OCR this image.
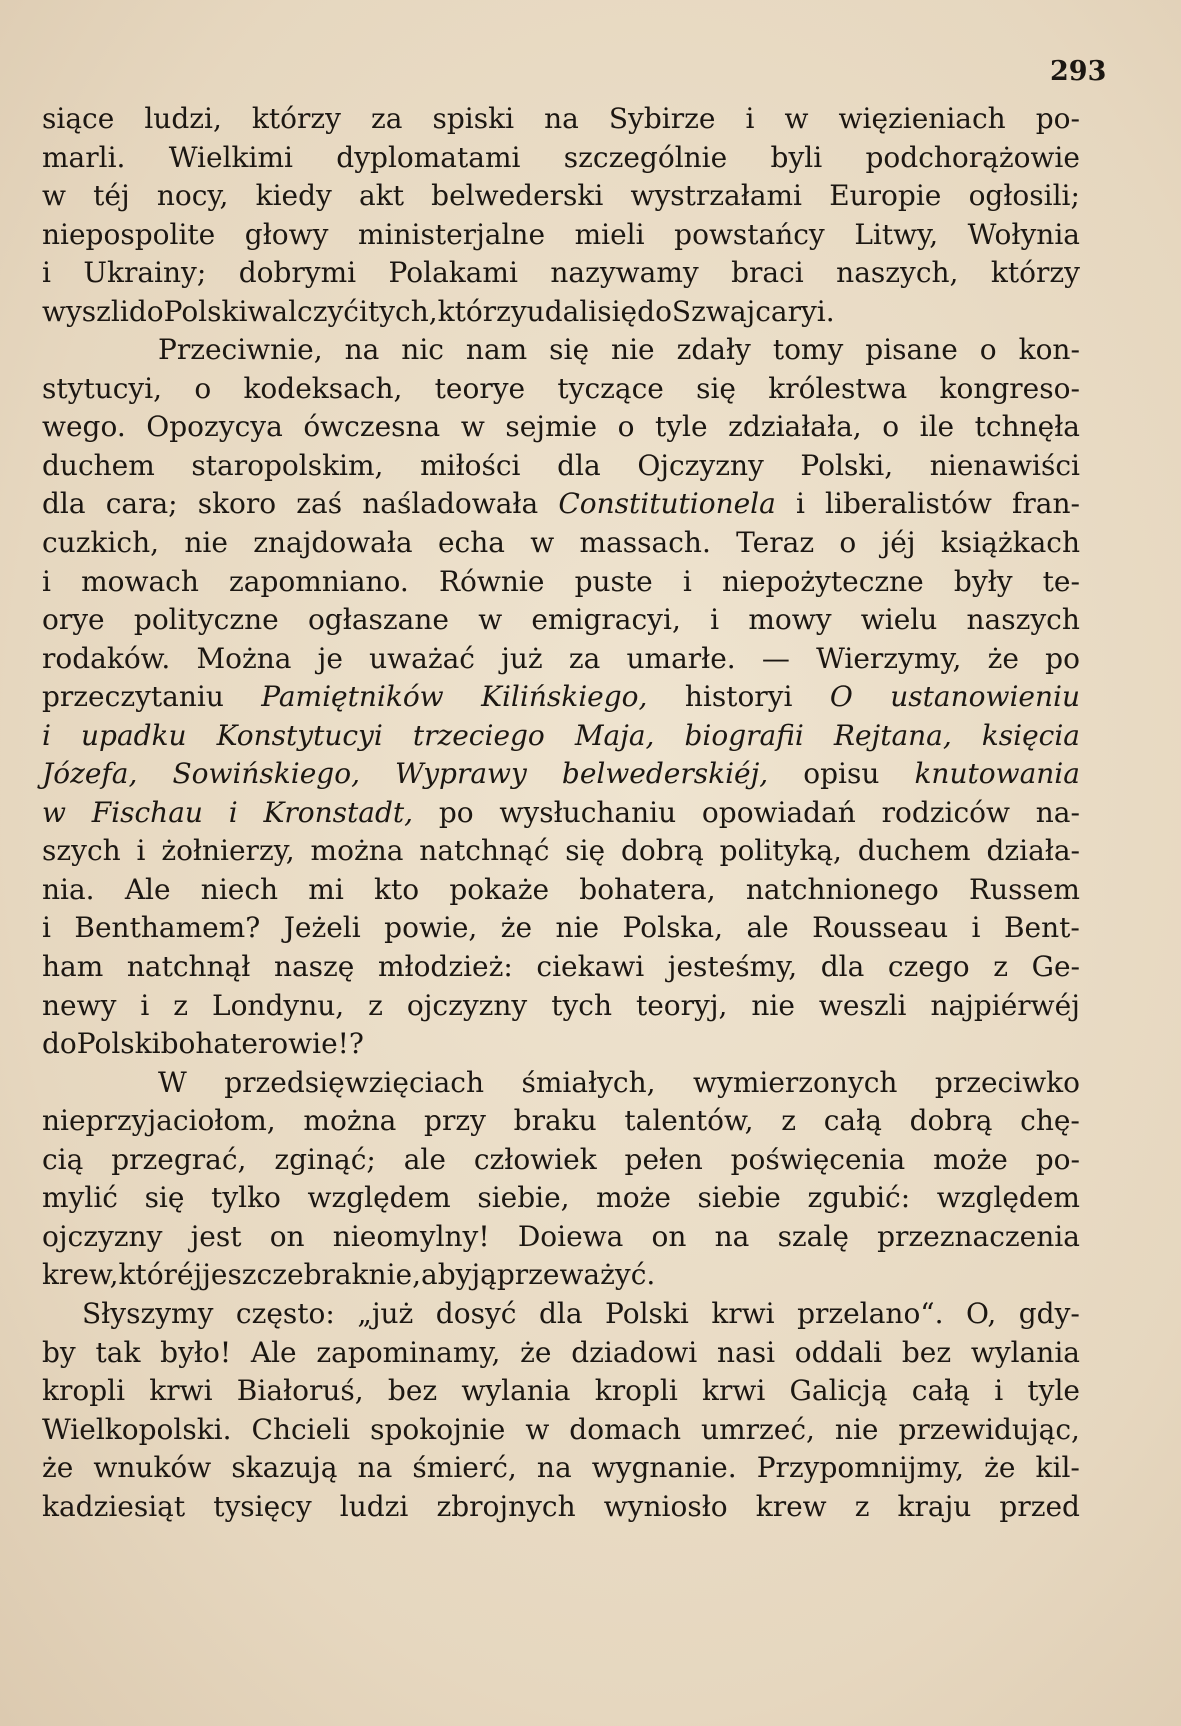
293
siące ludzi, którzy za spiski na Sybirze i w więzieniach po-
marli. Wielkimi dyplomatami szczególnie byli podchorążowie
w téj nocy, kiedy akt belwederski wystrzałami Europie ogłosili;
niepospolite głowy ministerjalne mieli powstańcy Litwy, Wołynia
i Ukrainy; dobrymi Polakami nazywamy braci naszych, którzy
wyszli do Polski walczyć i tych, którzy udali się do Szwajcaryi.
Przeciwnie, na nic nam się nie zdały tomy pisane o kon-
stytucyi, o kodeksach, teorye tyczące się królestwa kongreso-
wego. Opozycya ówczesna w sejmie o tyle zdziałała, o ile tchnęła
duchem staropolskim, miłości dla Ojczyzny Polski, nienawiści
dla cara; skoro zaś naśladowała Constitutionela i liberalistów fran-
cuzkich, nie znajdowała echa w massach. Teraz o jéj książkach
i mowach zapomniano. Równie puste i niepożyteczne były te-
orye polityczne ogłaszane w emigracyi, i mowy wielu naszych
rodaków. Można je uważać już za umarłe. — Wierzymy, że po
przeczytaniu Pamiętników Kilińskiego, historyi O ustanowieniu
i upadku Konstytucyi trzeciego Maja, biografii Rejtana, księcia
Józefa, Sowińskiego, Wyprawy belwederskiéj, opisu knutowania
w Fischau i Kronstadt, po wysłuchaniu opowiadań rodziców na-
szych i żołnierzy, można natchnąć się dobrą polityką, duchem działa-
nia. Ale niech mi kto pokaże bohatera, natchnionego Russem
i Benthamem? Jeżeli powie, że nie Polska, ale Rousseau i Bent-
ham natchnął naszę młodzież: ciekawi jesteśmy, dla czego z Ge-
newy i z Londynu, z ojczyzny tych teoryj, nie weszli najpiérwéj
do Polski bohaterowie!?
W przedsięwzięciach śmiałych, wymierzonych przeciwko
nieprzyjaciołom, można przy braku talentów, z całą dobrą chę-
cią przegrać, zginąć; ale człowiek pełen poświęcenia może po-
mylić się tylko względem siebie, może siebie zgubić: względem
ojczyzny jest on nieomylny! Doiewa on na szalę przeznaczenia
krew, któréj jeszcze braknie, aby ją przeważyć.
Słyszymy często: „już dosyć dla Polski krwi przelano“. O, gdy-
by tak było! Ale zapominamy, że dziadowi nasi oddali bez wylania
kropli krwi Białoruś, bez wylania kropli krwi Galicją całą i tyle
Wielkopolski. Chcieli spokojnie w domach umrzeć, nie przewidując,
że wnuków skazują na śmierć, na wygnanie. Przypomnijmy, że kil-
kadziesiąt tysięcy ludzi zbrojnych wyniosło krew z kraju przed
